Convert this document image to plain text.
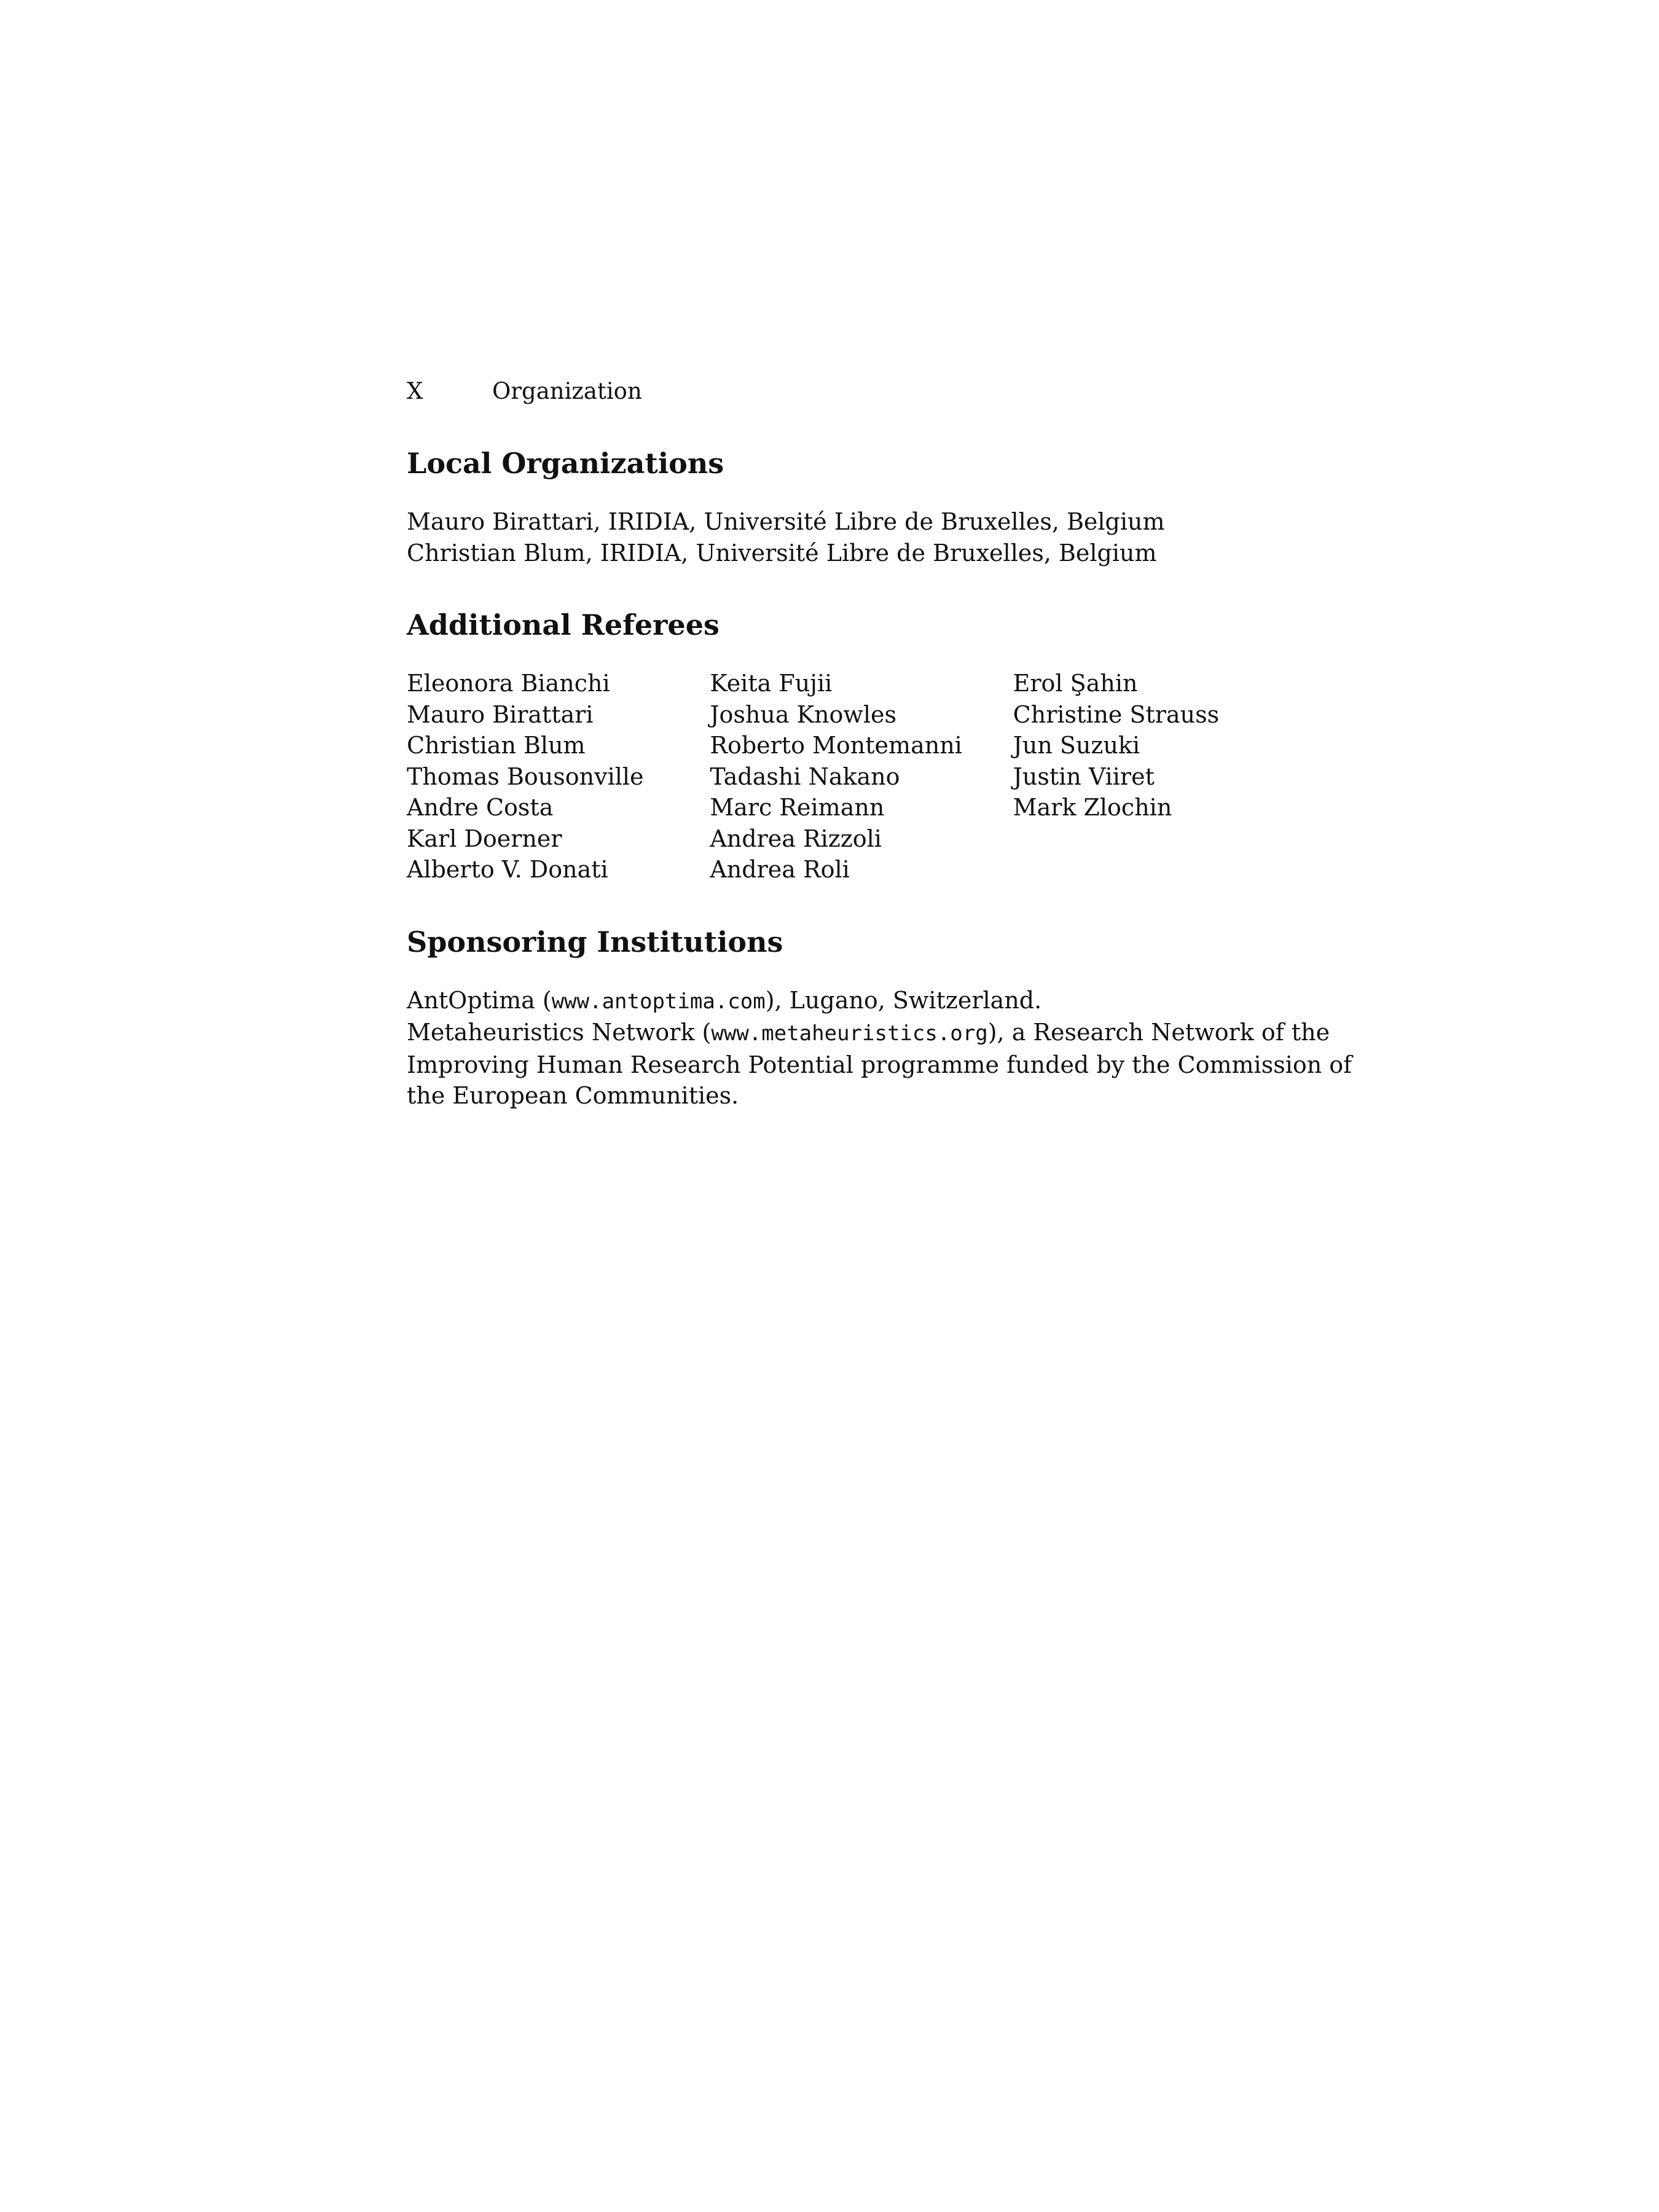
X	Organization
Local Organizations
Mauro Birattari, IRIDIA, Université Libre de Bruxelles, Belgium
Christian Blum, IRIDIA, Université Libre de Bruxelles, Belgium
Additional Referees
Eleonora Bianchi
Mauro Birattari
Christian Blum
Thomas Bousonville
Andre Costa
Karl Doerner
Alberto V. Donati
Keita Fujii
Joshua Knowles
Roberto Montemanni
Tadashi Nakano
Marc Reimann
Andrea Rizzoli
Andrea Roli
Erol Şahin
Christine Strauss
Jun Suzuki
Justin Viiret
Mark Zlochin
Sponsoring Institutions
AntOptima (www.antoptima.com), Lugano, Switzerland.
Metaheuristics Network (www.metaheuristics.org), a Research Network of the
Improving Human Research Potential programme funded by the Commission of
the European Communities.
